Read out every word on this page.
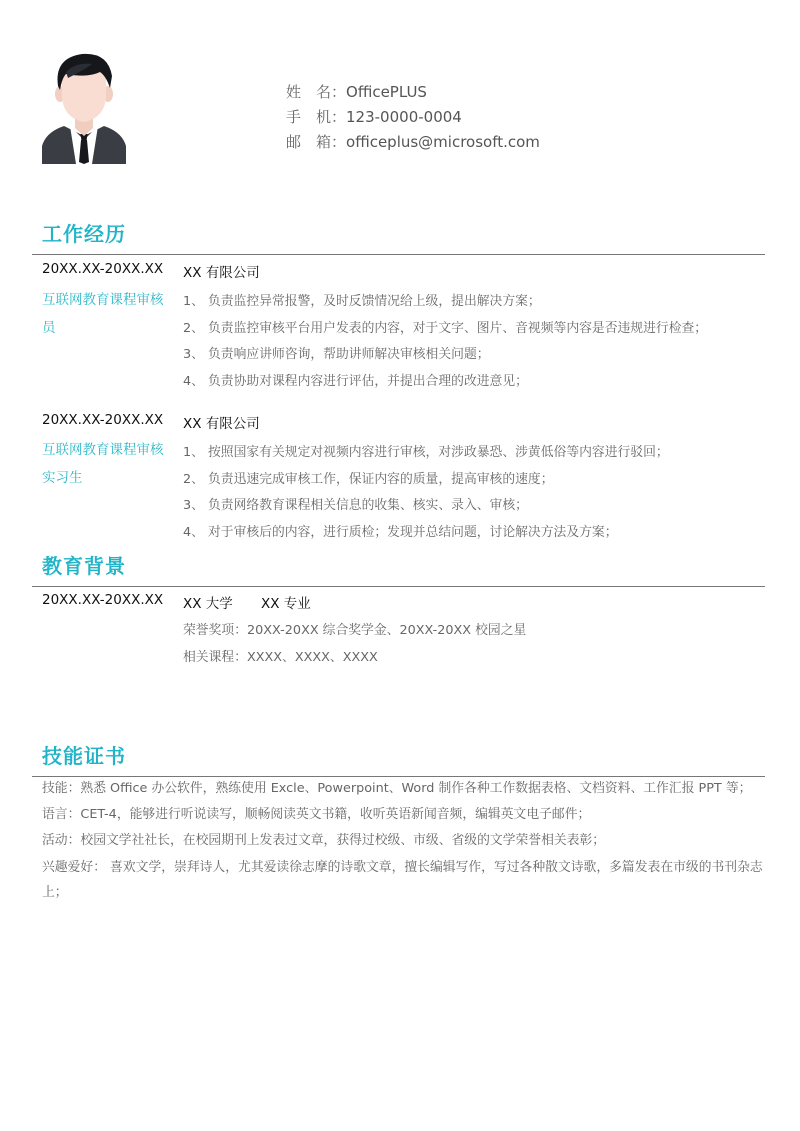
姓　名：OfficePLUS
手　机：123-0000-0004
邮　箱：officeplus@microsoft.com
工作经历
20XX.XX-20XX.XX XX 有限公司
互联网教育课程审核员
1、 负责监控异常报警，及时反馈情况给上级，提出解决方案；
2、 负责监控审核平台用户发表的内容，对于文字、图片、音视频等内容是否违规进行检查；
3、 负责响应讲师咨询，帮助讲师解决审核相关问题；
4、 负责协助对课程内容进行评估，并提出合理的改进意见；
20XX.XX-20XX.XX XX 有限公司
互联网教育课程审核实习生
1、 按照国家有关规定对视频内容进行审核，对涉政暴恐、涉黄低俗等内容进行驳回；
2、 负责迅速完成审核工作，保证内容的质量，提高审核的速度；
3、 负责网络教育课程相关信息的收集、核实、录入、审核；
4、 对于审核后的内容，进行质检；发现并总结问题，讨论解决方法及方案；
教育背景
20XX.XX-20XX.XX XX 大学 XX 专业
荣誉奖项：20XX-20XX 综合奖学金、20XX-20XX 校园之星
相关课程：XXXX、XXXX、XXXX
技能证书
技能：熟悉 Office 办公软件，熟练使用 Excle、Powerpoint、Word 制作各种工作数据表格、文档资料、工作汇报 PPT 等；
语言：CET-4，能够进行听说读写，顺畅阅读英文书籍，收听英语新闻音频，编辑英文电子邮件；
活动：校园文学社社长，在校园期刊上发表过文章，获得过校级、市级、省级的文学荣誉相关表彰；
兴趣爱好： 喜欢文学，崇拜诗人，尤其爱读徐志摩的诗歌文章，擅长编辑写作，写过各种散文诗歌，多篇发表在市级的书刊杂志上；
